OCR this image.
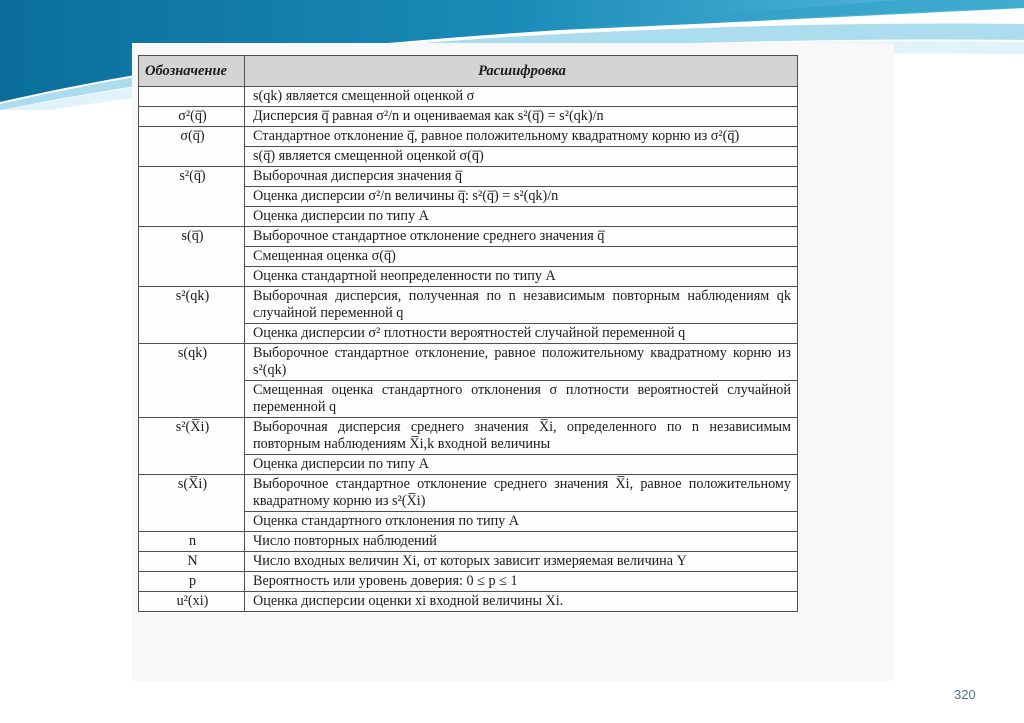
Обозначение	Расшифровка
	s(qk) является смещенной оценкой σ
σ²(q̅)	Дисперсия q̅ равная σ²/n и оцениваемая как s²(q̅) = s²(qk)/n
σ(q̅)	Стандартное отклонение q̅, равное положительному квадратному корню из σ²(q̅)
	s(q̅) является смещенной оценкой σ(q̅)
s²(q̅)	Выборочная дисперсия значения q̅
	Оценка дисперсии σ²/n величины q̅: s²(q̅) = s²(qk)/n
	Оценка дисперсии по типу A
s(q̅)	Выборочное стандартное отклонение среднего значения q̅
	Смещенная оценка σ(q̅)
	Оценка стандартной неопределенности по типу A
s²(qk)	Выборочная дисперсия, полученная по n независимым повторным наблюдениям qk случайной переменной q
	Оценка дисперсии σ² плотности вероятностей случайной переменной q
s(qk)	Выборочное стандартное отклонение, равное положительному квадратному корню из s²(qk)
	Смещенная оценка стандартного отклонения σ плотности вероятностей случайной переменной q
s²(X̅i)	Выборочная дисперсия среднего значения X̅i, определенного по n независимым повторным наблюдениям X̅i,k входной величины
	Оценка дисперсии по типу A
s(X̅i)	Выборочное стандартное отклонение среднего значения X̅i, равное положительному квадратному корню из s²(X̅i)
	Оценка стандартного отклонения по типу A
n	Число повторных наблюдений
N	Число входных величин Xi, от которых зависит измеряемая величина Y
p	Вероятность или уровень доверия: 0 ≤ p ≤ 1
u²(xi)	Оценка дисперсии оценки xi входной величины Xi.
320
